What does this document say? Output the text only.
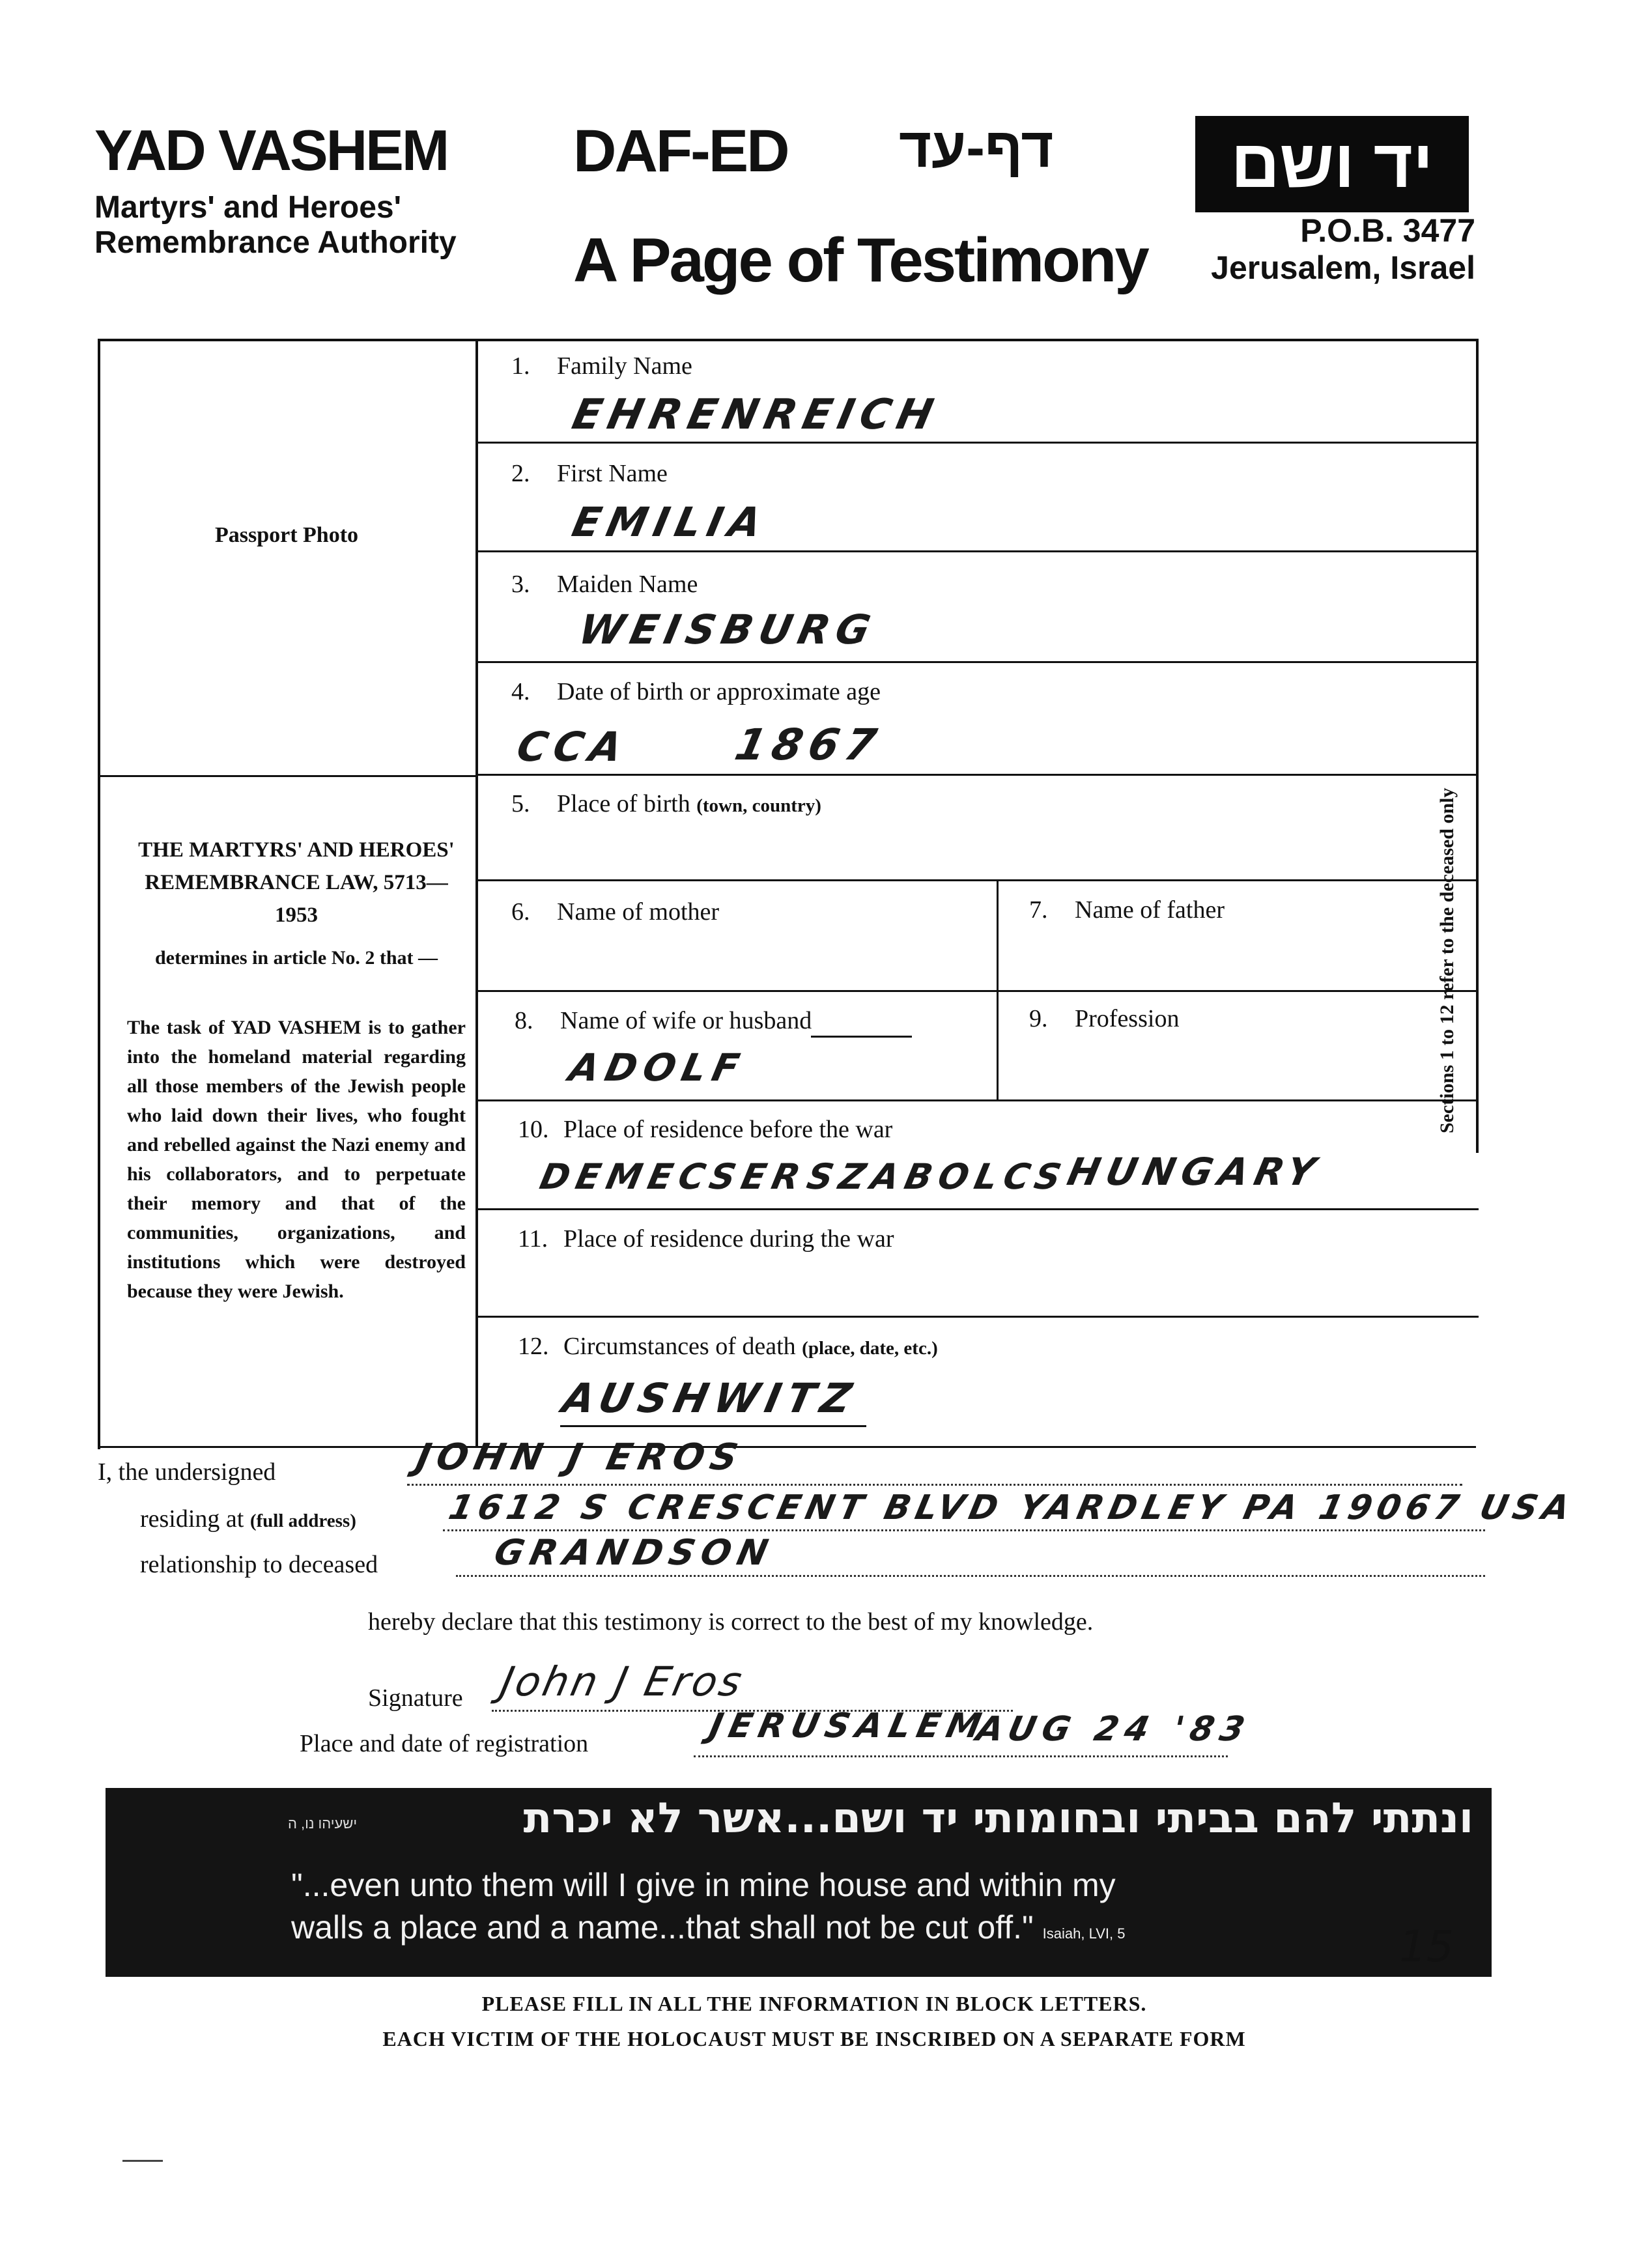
YAD VASHEM
Martyrs' and Heroes' Remembrance Authority
DAF-ED דף-עד
A Page of Testimony
יד ושם
P.O.B. 3477
Jerusalem, Israel
Passport Photo
THE MARTYRS' AND HEROES' REMEMBRANCE LAW, 5713—1953
determines in article No. 2 that —
The task of YAD VASHEM is to gather into the homeland material regarding all those members of the Jewish people who laid down their lives, who fought and rebelled against the Nazi enemy and his collaborators, and to perpetuate their memory and that of the communities, organizations, and institutions which were destroyed because they were Jewish.
1. Family Name
EHRENREICH
2. First Name
EMILIA
3. Maiden Name
WEISBURG
4. Date of birth or approximate age
CCA 1867
5. Place of birth (town, country)
6. Name of mother	7. Name of father
8. Name of wife or husband
ADOLF
9. Profession
10. Place of residence before the war
DEMECSER
SZABOLCS
HUNGARY
11. Place of residence during the war
12. Circumstances of death (place, date, etc.)
AUSHWITZ
Sections 1 to 12 refer to the deceased only
I, the undersigned	JOHN J EROS
residing at (full address)	1612 S CRESCENT BLVD YARDLEY PA 19067 USA
relationship to deceased	GRANDSON
hereby declare that this testimony is correct to the best of my knowledge.
Signature John J Eros
Place and date of registration	JERUSALEM
AUG 24 '83
ישעיהו נו, ה	ונתתי להם בביתי ובחומותי יד ושם...אשר לא יכרת
"...even unto them will I give in mine house and within my
walls a place and a name...that shall not be cut off." Isaiah, LVI, 5	15
PLEASE FILL IN ALL THE INFORMATION IN BLOCK LETTERS.
EACH VICTIM OF THE HOLOCAUST MUST BE INSCRIBED ON A SEPARATE FORM
